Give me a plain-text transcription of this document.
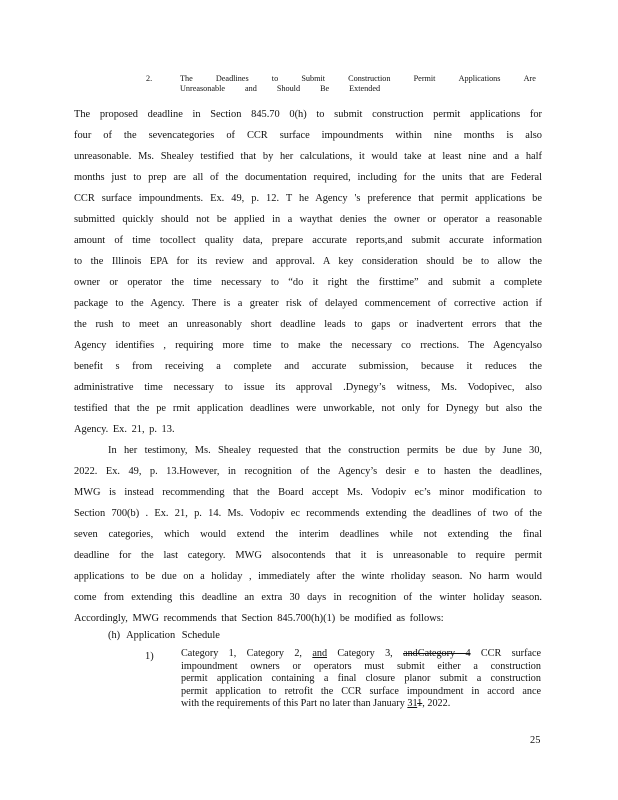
2.	The	Deadlines	to	Submit	Construction	Permit	Applications	Are
Unreasonable and Should Be Extended
The proposed deadline in Section 845.70 0(h) to submit construction permit applications for
four of the sevencategories of CCR surface impoundments within nine months is also
unreasonable. Ms. Shealey testified that by her calculations, it would take at least nine and a half
months just to prep are all of the documentation required, including for the units that are Federal
CCR surface impoundments. Ex. 49, p. 12. T he Agency 's preference that permit applications be
submitted quickly should not be applied in a waythat denies the owner or operator a reasonable
amount of time tocollect quality data, prepare accurate reports,and submit accurate information
to the Illinois EPA for its review and approval. A key consideration should be to allow the
owner or operator the time necessary to “do it right the firsttime” and submit a complete
package to the Agency. There is a greater risk of delayed commencement of corrective action if
the rush to meet an unreasonably short deadline leads to gaps or inadvertent errors that the
Agency identifies , requiring more time to make the necessary co rrections. The Agencyalso
benefit s from receiving a complete and accurate submission, because it reduces the
administrative time necessary to issue its approval .Dynegy’s witness, Ms. Vodopivec, also
testified that the pe rmit application deadlines were unworkable, not only for Dynegy but also the
Agency. Ex. 21, p. 13.
In her testimony, Ms. Shealey requested that the construction permits be due by June 30,
2022. Ex. 49, p. 13.However, in recognition of the Agency’s desir e to hasten the deadlines,
MWG is instead recommending that the Board accept Ms. Vodopiv ec’s minor modification to
Section 700(b) . Ex. 21, p. 14. Ms. Vodopiv ec recommends extending the deadlines of two of the
seven categories, which would extend the interim deadlines while not extending the final
deadline for the last category. MWG alsocontends that it is unreasonable to require permit
applications to be due on a holiday , immediately after the winte rholiday season. No harm would
come from extending this deadline an extra 30 days in recognition of the winter holiday season.
Accordingly, MWG recommends that Section 845.700(h)(1) be modified as follows:
(h) Application Schedule
1)	Category 1, Category 2, and Category 3, andCategory 4 CCR surface
impoundment owners or operators must submit either a construction
permit application containing a final closure planor submit a construction
permit application to retrofit the CCR surface impoundment in accord ance
with the requirements of this Part no later than January 311, 2022.
25
